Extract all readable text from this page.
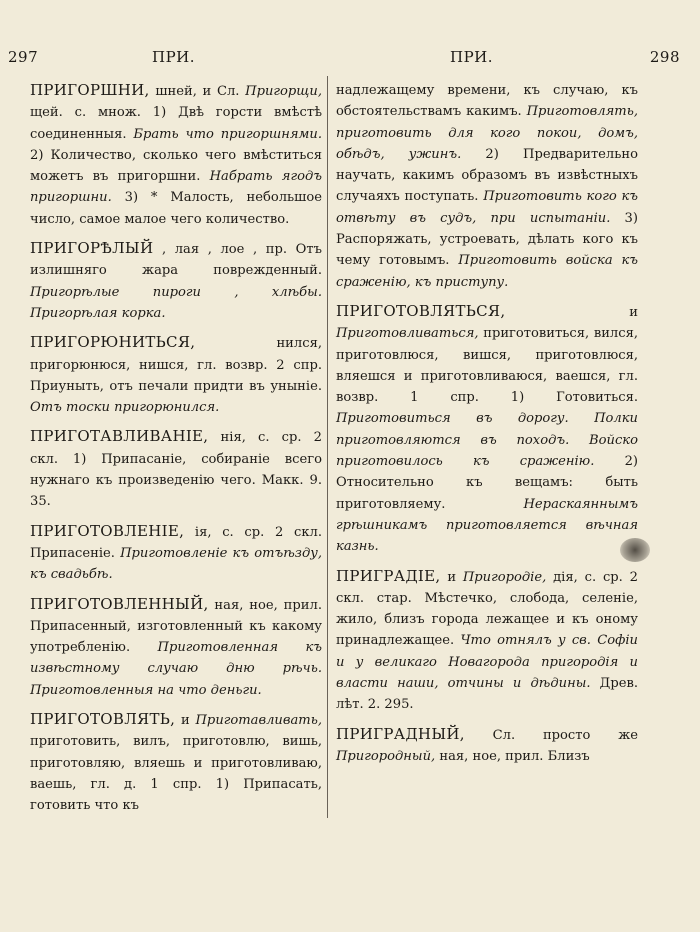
297	ПРИ.	ПРИ.	298

ПРИГОРШНИ, шней, и Сл. Пригорщи, щей. с. множ. 1) Двѣ горсти вмѣстѣ соединенныя. Брать что пригоршнями. 2) Количество, сколько чего вмѣститься можетъ въ пригоршни. Набрать ягодъ пригоршни. 3) * Малость, небольшое число, самое малое чего количество.

ПРИГОРѢЛЫЙ , лая , лое , пр. Отъ излишняго жара поврежденный. Пригорѣлые пироги , хлѣбы. Пригорѣлая корка.

ПРИГОРЮНИТЬСЯ, нился, пригорюнюся, нишся, гл. возвр. 2 спр. Приуныть, отъ печали придти въ уныніе. Отъ тоски пригорюнился.

ПРИГОТАВЛИВАНІЕ, нія, с. ср. 2 скл. 1) Припасаніе, собираніе всего нужнаго къ произведенію чего. Макк. 9. 35.

ПРИГОТОВЛЕНІЕ, ія, с. ср. 2 скл. Припасеніе. Приготовленіе къ отъѣзду, къ свадьбѣ.

ПРИГОТОВЛЕННЫЙ, ная, ное, прил. Припасенный, изготовленный къ какому употребленію. Приготовленная къ извѣстному случаю дню рѣчь. Приготовленныя на что деньги.

ПРИГОТОВЛЯТЬ, и Приготавливать, приготовить, вилъ, приготовлю, вишь, приготовляю, вляешь и приготовливаю, ваешь, гл. д. 1 спр. 1) Припасать, готовить что къ

надлежащему времени, къ случаю, къ обстоятельствамъ какимъ. Приготовлять, приготовить для кого покои, домъ, обѣдъ, ужинъ. 2) Предварительно научать, какимъ образомъ въ извѣстныхъ случаяхъ поступать. Приготовить кого къ отвѣту въ судъ, при испытаніи. 3) Распоряжать, устроевать, дѣлать кого къ чему готовымъ. Приготовить войска къ сраженію, къ приступу.

ПРИГОТОВЛЯТЬСЯ, и Приготовливаться, приготовиться, вился, приготовлюся, вишся, приготовлюся, вляешся и приготовливаюся, ваешся, гл. возвр. 1 спр. 1) Готовиться. Приготовиться въ дорогу. Полки приготовляются въ походъ. Войско приготовилось къ сраженію. 2) Относительно къ вещамъ: быть приготовляему. Нераскаяннымъ грѣшникамъ приготовляется вѣчная казнь.

ПРИГРАДІЕ, и Пригородіе, дія, с. ср. 2 скл. стар. Мѣстечко, слобода, селеніе, жило, близъ города лежащее и къ оному принадлежащее. Что отнялъ у св. Софіи и у великаго Новагорода пригородія и власти наши, отчины и дѣдины. Древ. лѣт. 2. 295.

ПРИГРАДНЫЙ, Сл. просто же Пригородный, ная, ное, прил. Близъ
